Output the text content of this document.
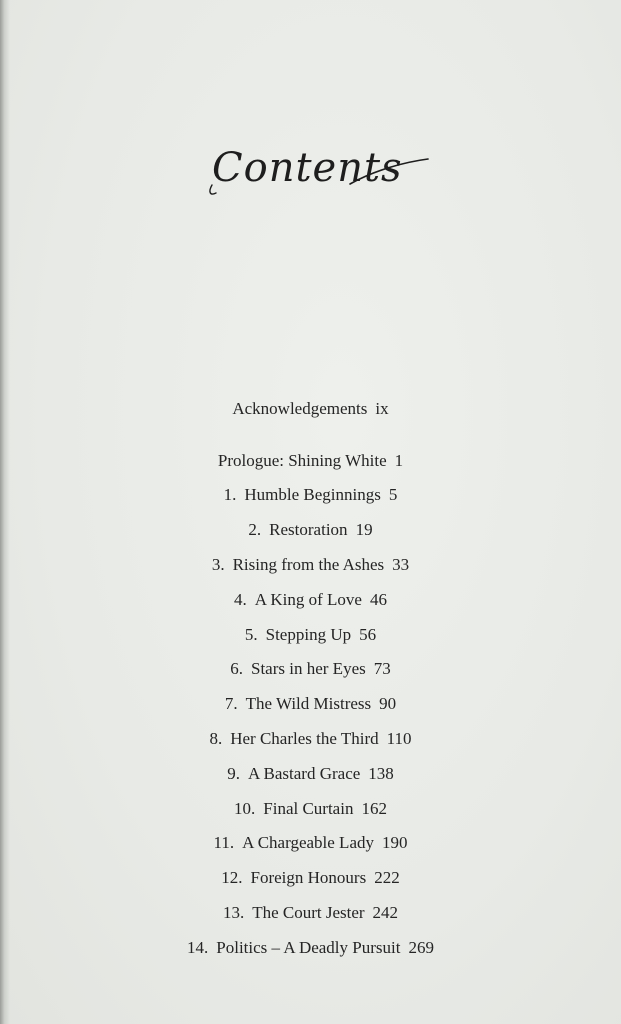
Contents
Acknowledgements ix
Prologue: Shining White 1
1. Humble Beginnings 5
2. Restoration 19
3. Rising from the Ashes 33
4. A King of Love 46
5. Stepping Up 56
6. Stars in her Eyes 73
7. The Wild Mistress 90
8. Her Charles the Third 110
9. A Bastard Grace 138
10. Final Curtain 162
11. A Chargeable Lady 190
12. Foreign Honours 222
13. The Court Jester 242
14. Politics – A Deadly Pursuit 269
